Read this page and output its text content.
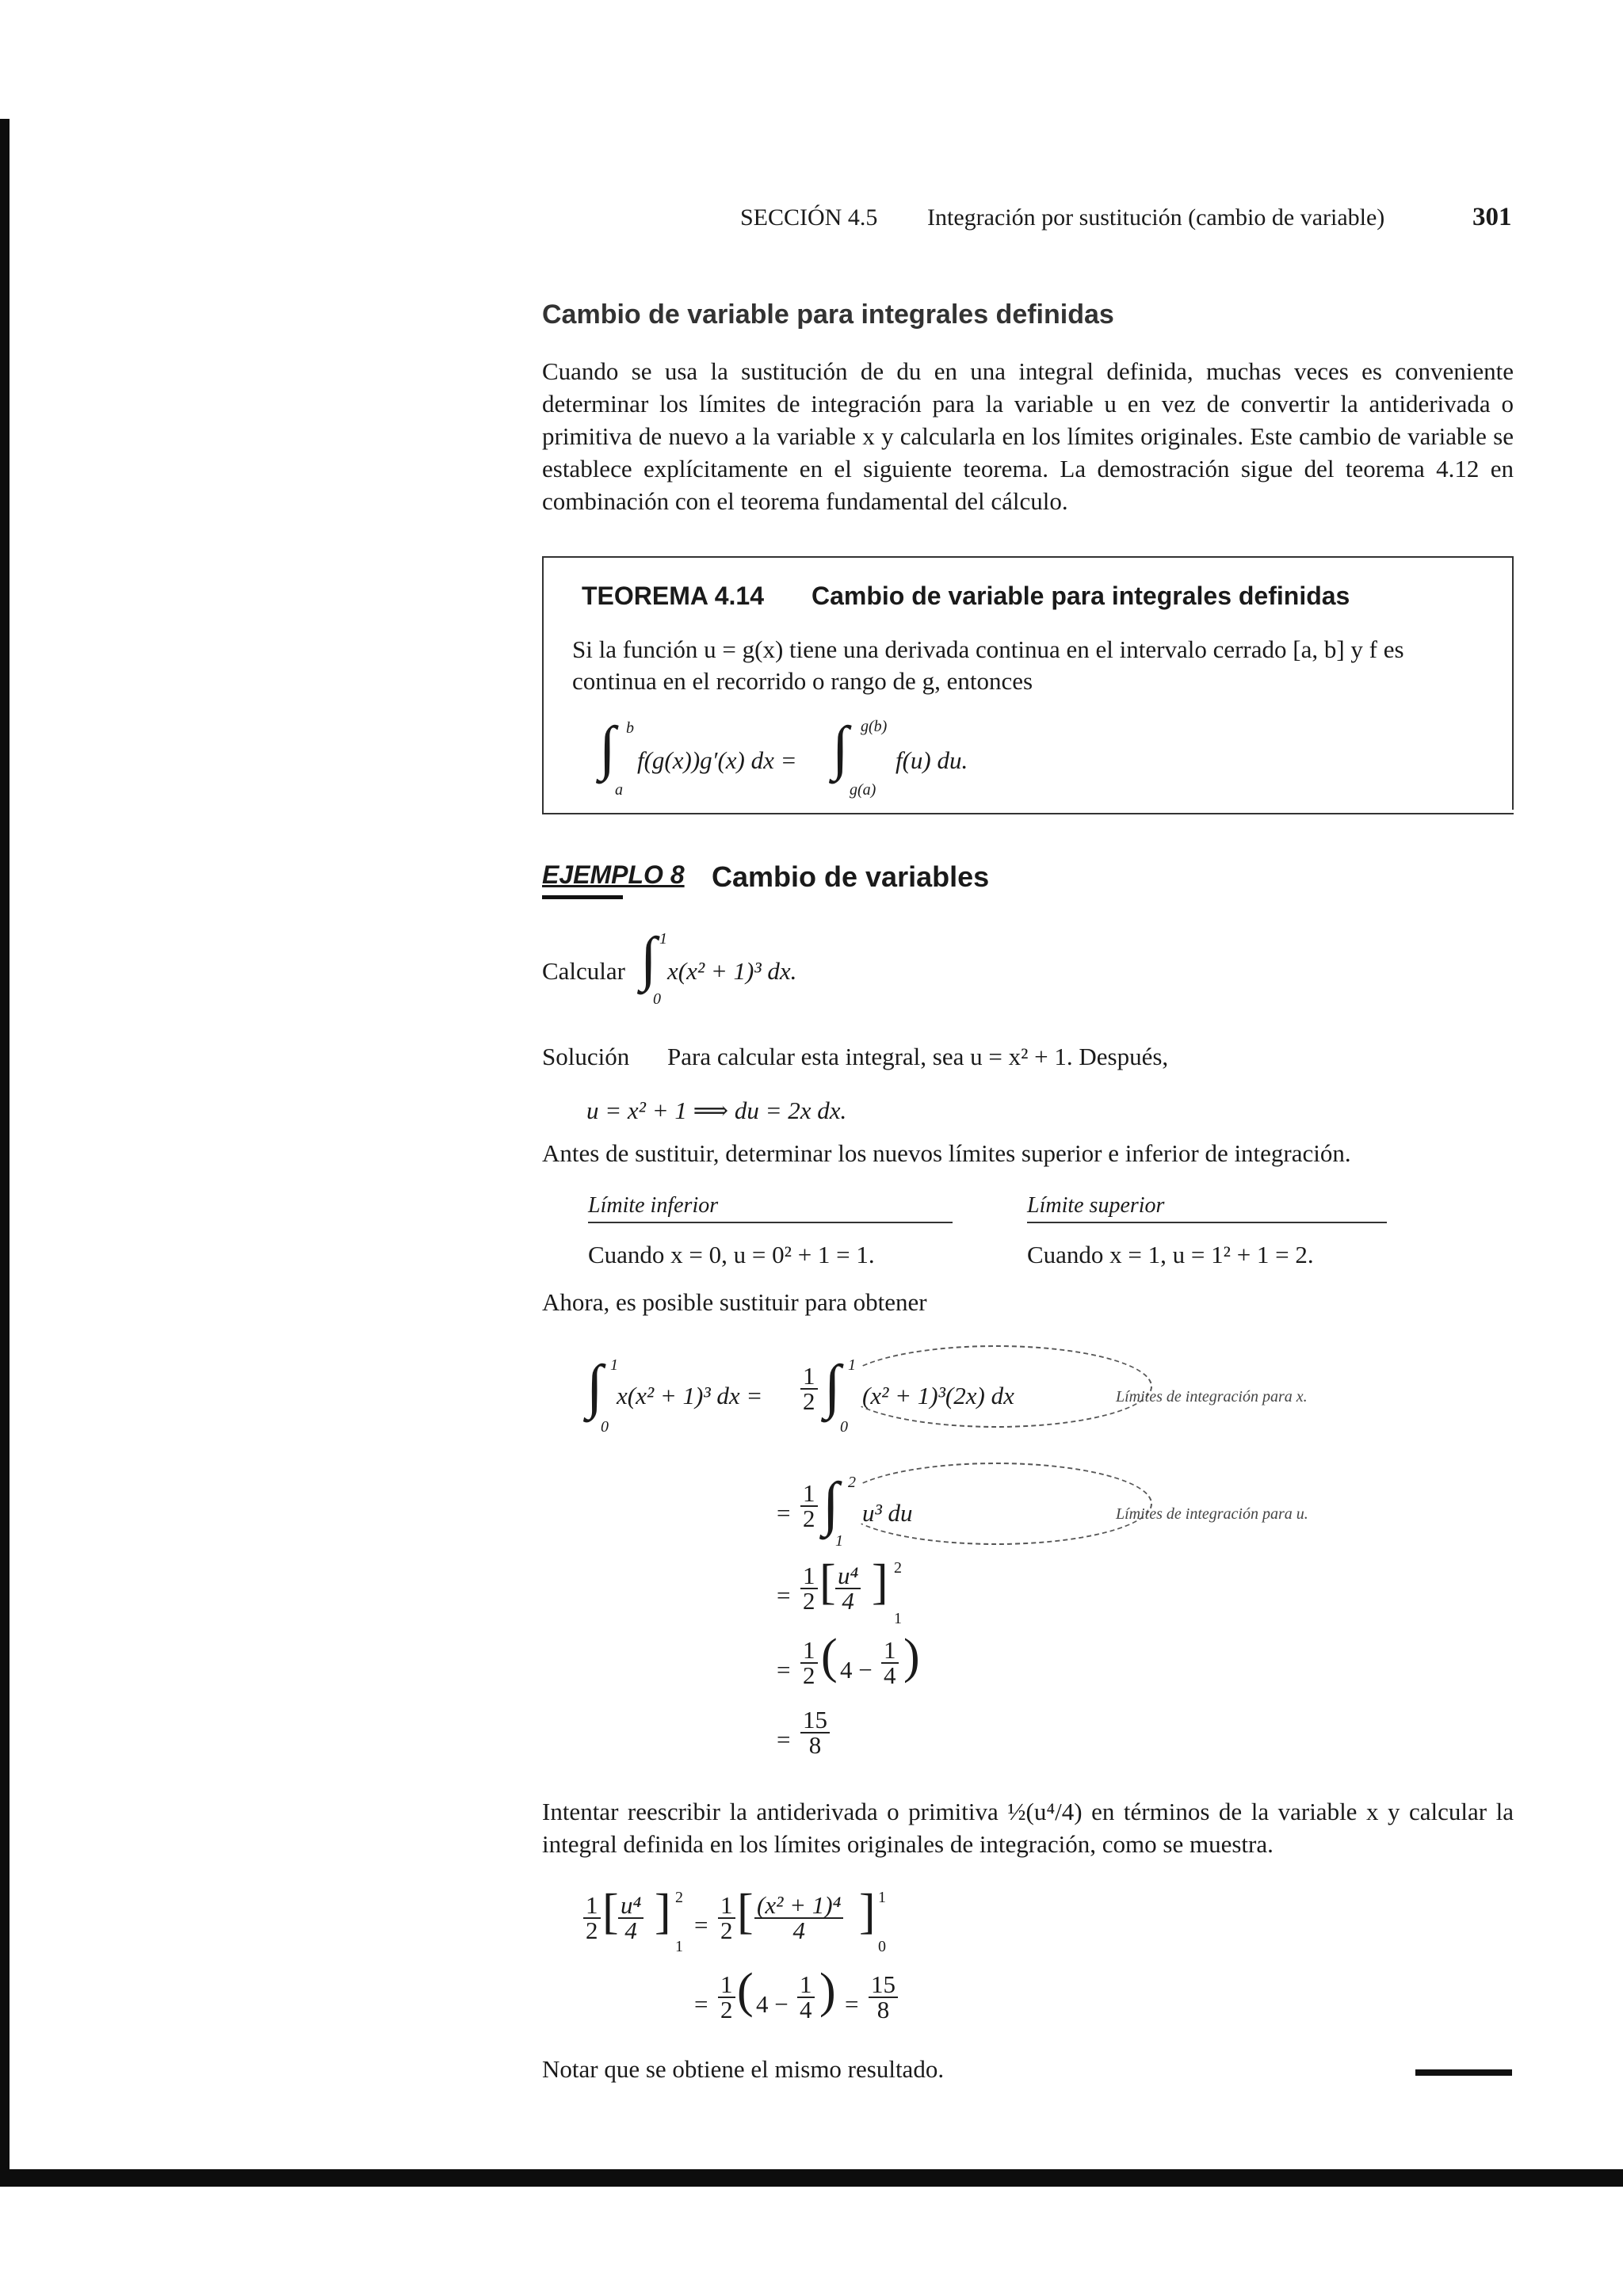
SECCIÓN 4.5 Integración por sustitución (cambio de variable)	301
Cambio de variable para integrales definidas
Cuando se usa la sustitución de du en una integral definida, muchas veces es conveniente determinar los límites de integración para la variable u en vez de convertir la antiderivada o primitiva de nuevo a la variable x y calcularla en los límites originales. Este cambio de variable se establece explícitamente en el siguiente teorema. La demostración sigue del teorema 4.12 en combinación con el teorema fundamental del cálculo.
TEOREMA 4.14 Cambio de variable para integrales definidas
Si la función u = g(x) tiene una derivada continua en el intervalo cerrado [a, b] y f es
continua en el recorrido o rango de g, entonces
∫ b
a
f(g(x))g′(x) dx = ∫ g(b)
g(a)
f(u) du.
EJEMPLO 8 Cambio de variables
Calcular ∫ 1
0
x(x² + 1)³ dx.
Solución Para calcular esta integral, sea u = x² + 1. Después,
u = x² + 1 ⟹ du = 2x dx.
Antes de sustituir, determinar los nuevos límites superior e inferior de integración.
Límite inferior	Límite superior
Cuando x = 0, u = 0² + 1 = 1.	Cuando x = 1, u = 1² + 1 = 2.
Ahora, es posible sustituir para obtener
∫ 1
0
x(x² + 1)³ dx = $\frac{1}{2}$ ∫ 1
0
(x² + 1)³(2x) dx	Límites de integración para x.
= $\frac{1}{2}$ ∫ 2
1
u³ du	Límites de integración para u.
= $\frac{1}{2}$ [ $\frac{\text{u⁴}}{4}$ ] 2
1
= $\frac{1}{2}$ ( $4 - \frac{1}{4}$ )
= $\frac{15}{8}$
Intentar reescribir la antiderivada o primitiva ½(u⁴/4) en términos de la variable x y calcular la integral definida en los límites originales de integración, como se muestra.
$\frac{1}{2}$ [ $\frac{\text{u⁴}}{4}$ ] 2
1
= $\frac{1}{2}$ [ $\frac{\text{(x² + 1)⁴}}{4}$ ] 1
0
= $\frac{1}{2}$ ( $4 - \frac{1}{4}$ ) = $\frac{15}{8}$
Notar que se obtiene el mismo resultado.
